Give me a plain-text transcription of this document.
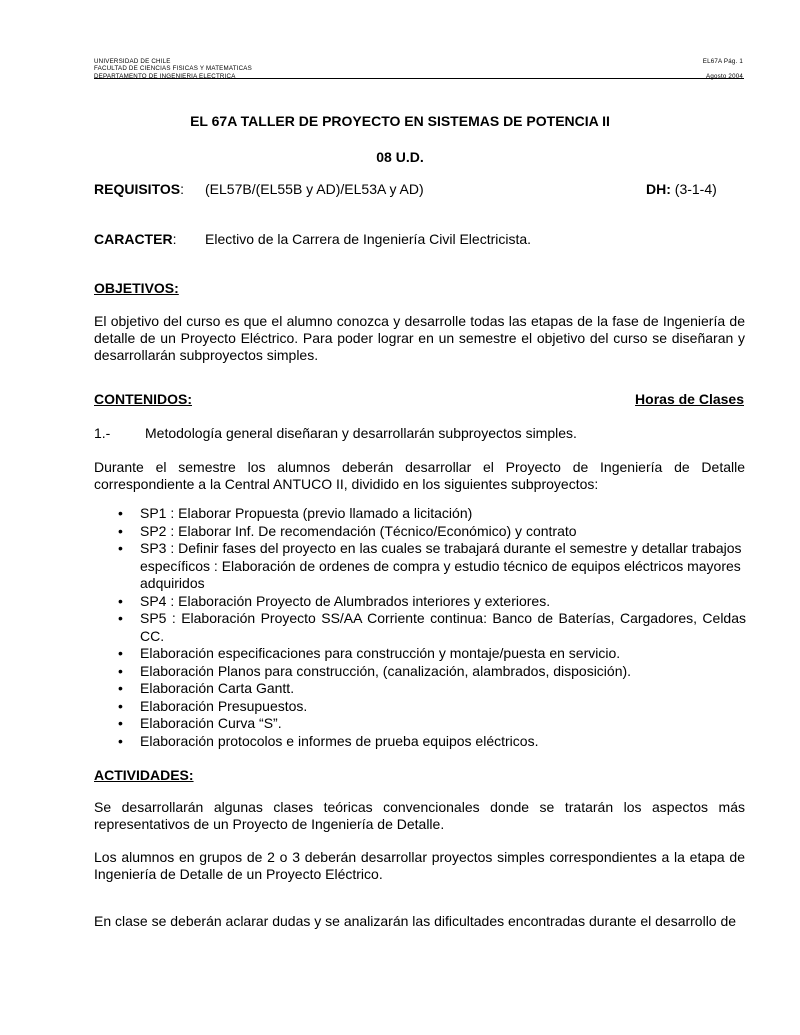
UNIVERSIDAD DE CHILE
FACULTAD DE CIENCIAS FISICAS Y MATEMATICAS
DEPARTAMENTO DE INGENIERIA ELECTRICA
EL67A Pág. 1

Agosto 2004
EL 67A TALLER DE PROYECTO EN SISTEMAS DE POTENCIA II
08 U.D.
REQUISITOS: (EL57B/(EL55B y AD)/EL53A y AD)	DH: (3-1-4)
CARACTER: Electivo de la Carrera de Ingeniería Civil Electricista.
OBJETIVOS:
El objetivo del curso es que el alumno conozca y desarrolle todas las etapas de la fase de Ingeniería de detalle de un Proyecto Eléctrico. Para poder lograr en un semestre el objetivo del curso se diseñaran y desarrollarán subproyectos simples.
CONTENIDOS:	Horas de Clases
1.- Metodología general diseñaran y desarrollarán subproyectos simples.
Durante el semestre los alumnos deberán desarrollar el Proyecto de Ingeniería de Detalle correspondiente a la Central ANTUCO II, dividido en los siguientes subproyectos:
• SP1 : Elaborar Propuesta (previo llamado a licitación)
• SP2 : Elaborar Inf. De recomendación (Técnico/Económico) y contrato
• SP3 : Definir fases del proyecto en las cuales se trabajará durante el semestre y detallar trabajos específicos : Elaboración de ordenes de compra y estudio técnico de equipos eléctricos mayores adquiridos
• SP4 : Elaboración Proyecto de Alumbrados interiores y exteriores.
• SP5 : Elaboración Proyecto SS/AA Corriente continua: Banco de Baterías, Cargadores, Celdas CC.
• Elaboración especificaciones para construcción y montaje/puesta en servicio.
• Elaboración Planos para construcción, (canalización, alambrados, disposición).
• Elaboración Carta Gantt.
• Elaboración Presupuestos.
• Elaboración Curva “S”.
• Elaboración protocolos e informes de prueba equipos eléctricos.
ACTIVIDADES:
Se desarrollarán algunas clases teóricas convencionales donde se tratarán los aspectos más representativos de un Proyecto de Ingeniería de Detalle.
Los alumnos en grupos de 2 o 3 deberán desarrollar proyectos simples correspondientes a la etapa de Ingeniería de Detalle de un Proyecto Eléctrico.
En clase se deberán aclarar dudas y se analizarán las dificultades encontradas durante el desarrollo de
